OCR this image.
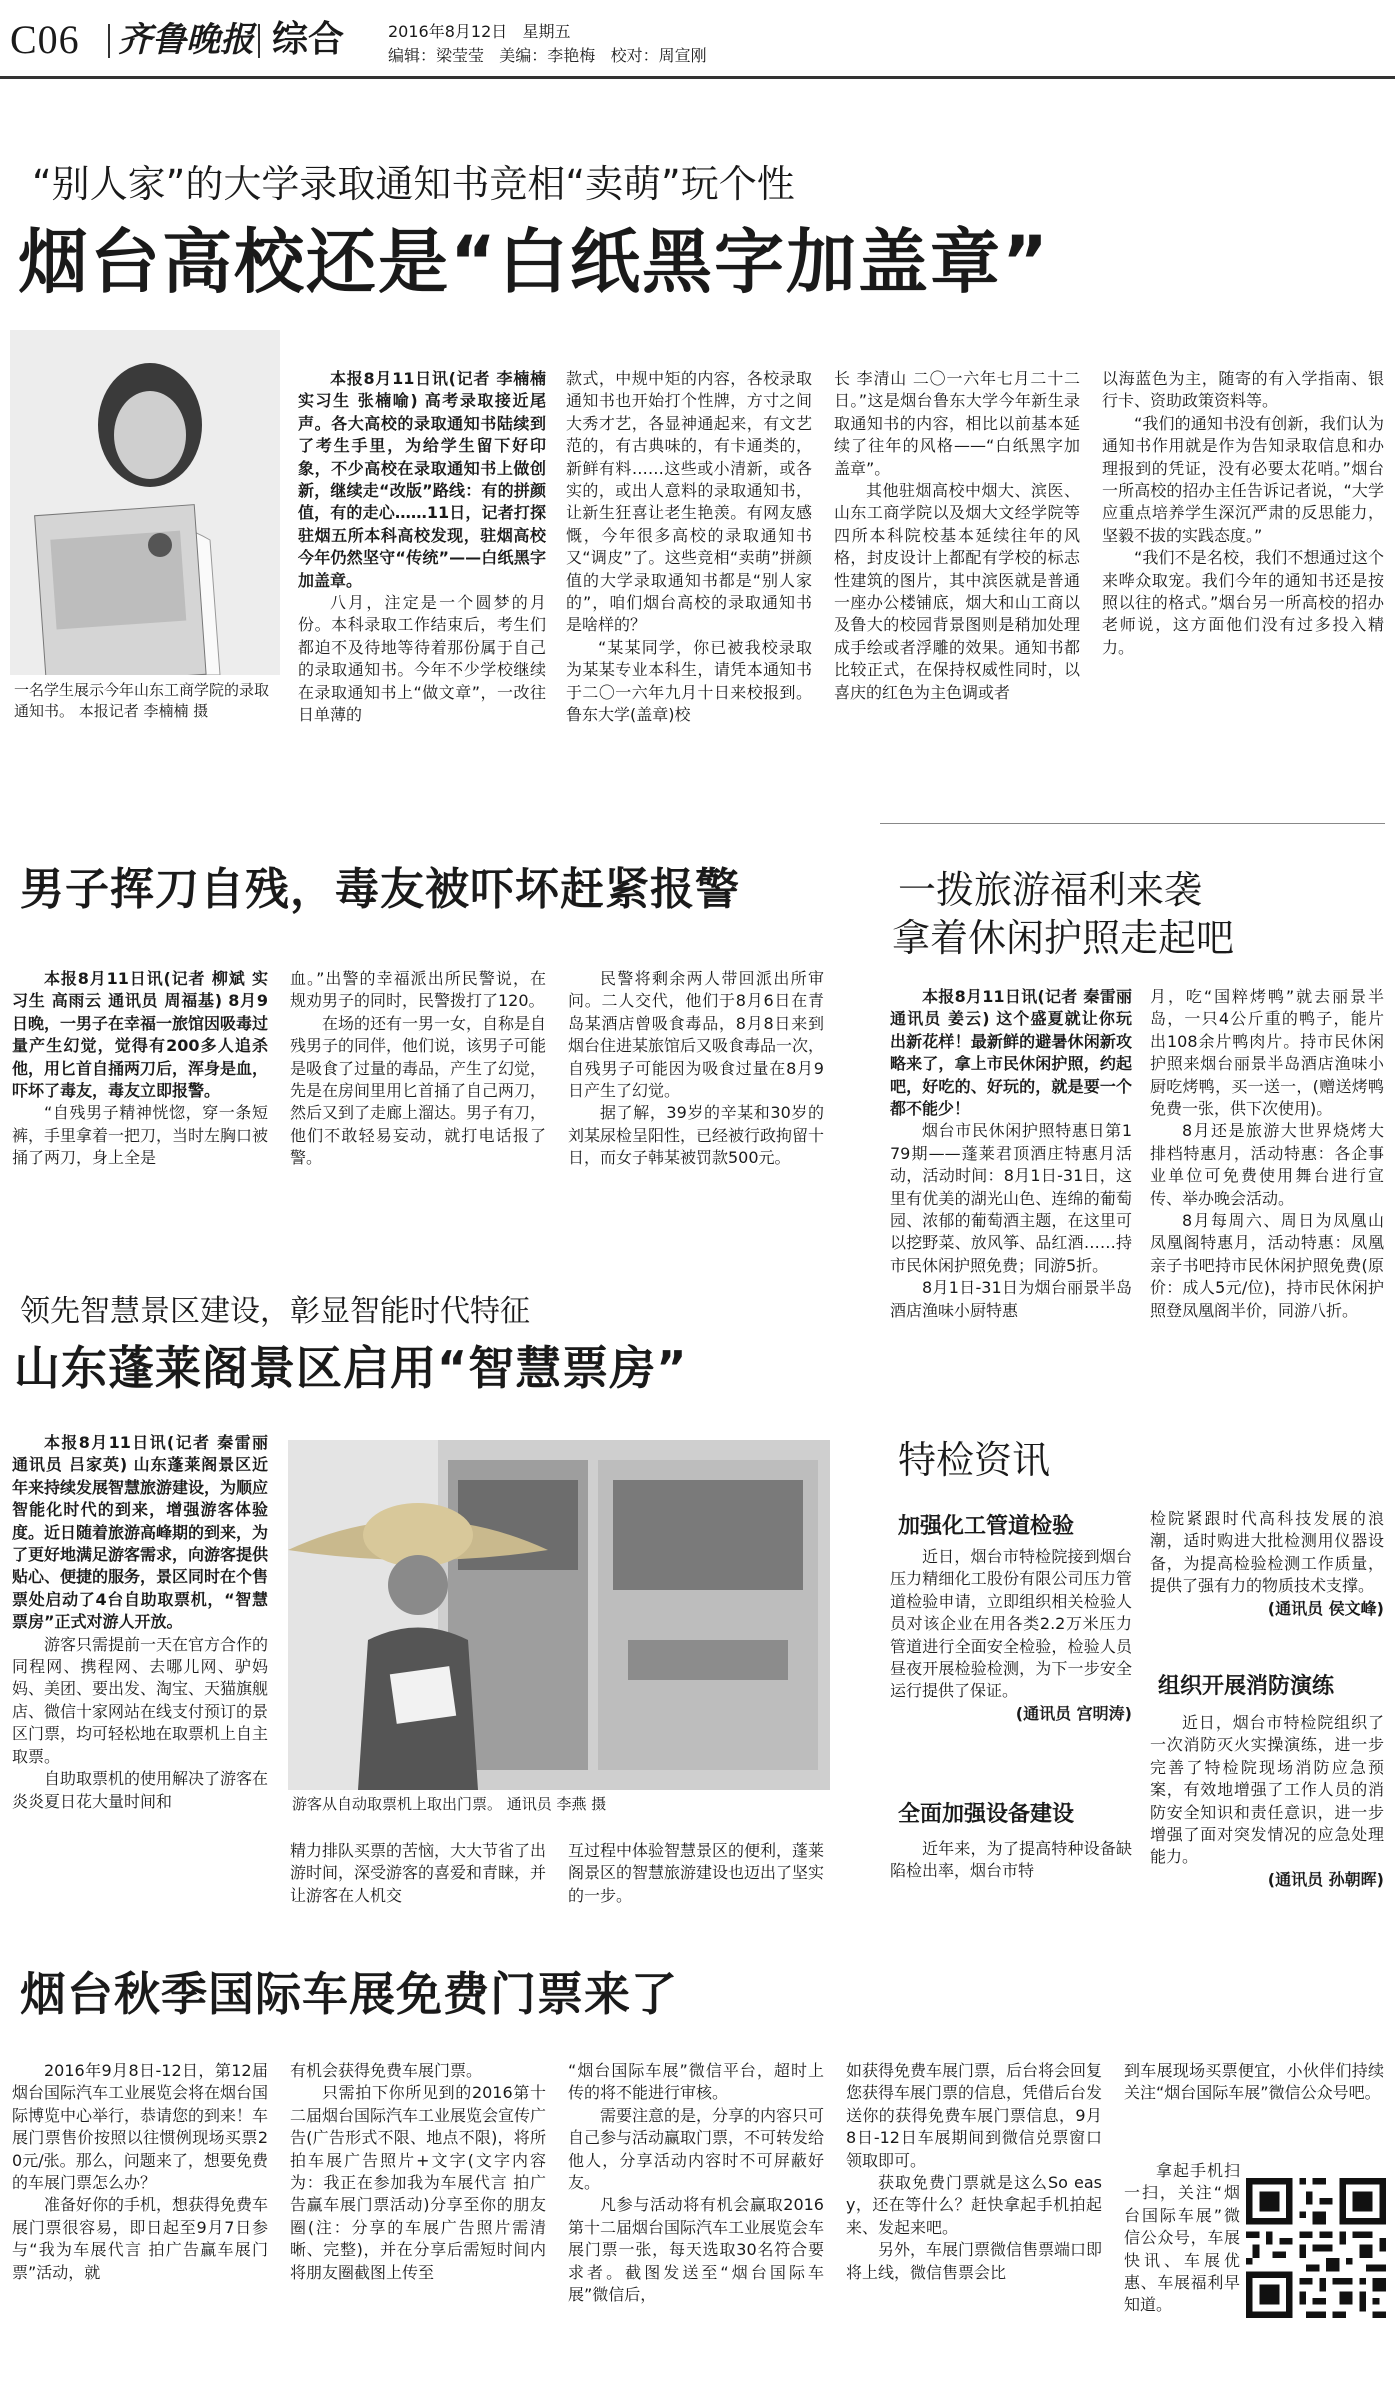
C06 齐鲁晚报 综合	2016年8月12日 星期五
编辑：梁莹莹 美编：李艳梅 校对：周宣刚
“别人家”的大学录取通知书竞相“卖萌”玩个性
烟台高校还是“白纸黑字加盖章”
一名学生展示今年山东工商学院的录取通知书。 本报记者 李楠楠 摄

本报8月11日讯(记者 李楠楠 实习生 张楠喻) 高考录取接近尾声。各大高校的录取通知书陆续到了考生手里，为给学生留下好印象，不少高校在录取通知书上做创新，继续走“改版”路线：有的拼颜值，有的走心……11日，记者打探驻烟五所本科高校发现，驻烟高校今年仍然坚守“传统”——白纸黑字加盖章。

八月，注定是一个圆梦的月份。本科录取工作结束后，考生们都迫不及待地等待着那份属于自己的录取通知书。今年不少学校继续在录取通知书上“做文章”，一改往日单薄的

款式，中规中矩的内容，各校录取通知书也开始打个性牌，方寸之间大秀才艺，各显神通起来，有文艺范的，有古典味的，有卡通类的，新鲜有料……这些或小清新，或各实的，或出人意料的录取通知书，让新生狂喜让老生艳羡。有网友感慨，今年很多高校的录取通知书又“调皮”了。这些竞相“卖萌”拼颜值的大学录取通知书都是“别人家的”，咱们烟台高校的录取通知书是啥样的？

“某某同学，你已被我校录取为某某专业本科生，请凭本通知书于二〇一六年九月十日来校报到。鲁东大学(盖章)校

长 李清山 二〇一六年七月二十二日。”这是烟台鲁东大学今年新生录取通知书的内容，相比以前基本延续了往年的风格——“白纸黑字加盖章”。

其他驻烟高校中烟大、滨医、山东工商学院以及烟大文经学院等四所本科院校基本延续往年的风格，封皮设计上都配有学校的标志性建筑的图片，其中滨医就是普通一座办公楼铺底，烟大和山工商以及鲁大的校园背景图则是稍加处理成手绘或者浮雕的效果。通知书都比较正式，在保持权威性同时，以喜庆的红色为主色调或者

以海蓝色为主，随寄的有入学指南、银行卡、资助政策资料等。

“我们的通知书没有创新，我们认为通知书作用就是作为告知录取信息和办理报到的凭证，没有必要太花哨。”烟台一所高校的招办主任告诉记者说，“大学应重点培养学生深沉严肃的反思能力，坚毅不拔的实践态度。”

“我们不是名校，我们不想通过这个来哗众取宠。我们今年的通知书还是按照以往的格式。”烟台另一所高校的招办老师说，这方面他们没有过多投入精力。

男子挥刀自残，毒友被吓坏赶紧报警

本报8月11日讯(记者 柳斌 实习生 高雨云 通讯员 周福基) 8月9日晚，一男子在幸福一旅馆因吸毒过量产生幻觉，觉得有200多人追杀他，用匕首自捅两刀后，浑身是血，吓坏了毒友，毒友立即报警。

“自残男子精神恍惚，穿一条短裤，手里拿着一把刀，当时左胸口被捅了两刀，身上全是

血。”出警的幸福派出所民警说，在规劝男子的同时，民警拨打了120。

在场的还有一男一女，自称是自残男子的同伴，他们说，该男子可能是吸食了过量的毒品，产生了幻觉，先是在房间里用匕首捅了自己两刀，然后又到了走廊上溜达。男子有刀，他们不敢轻易妄动，就打电话报了警。

民警将剩余两人带回派出所审问。二人交代，他们于8月6日在青岛某酒店曾吸食毒品，8月8日来到烟台住进某旅馆后又吸食毒品一次，自残男子可能因为吸食过量在8月9日产生了幻觉。

据了解，39岁的辛某和30岁的刘某尿检呈阳性，已经被行政拘留十日，而女子韩某被罚款500元。

领先智慧景区建设，彰显智能时代特征
山东蓬莱阁景区启用“智慧票房”

本报8月11日讯(记者 秦雷丽 通讯员 吕家英) 山东蓬莱阁景区近年来持续发展智慧旅游建设，为顺应智能化时代的到来，增强游客体验度。近日随着旅游高峰期的到来，为了更好地满足游客需求，向游客提供贴心、便捷的服务，景区同时在个售票处启动了4台自助取票机，“智慧票房”正式对游人开放。

游客只需提前一天在官方合作的同程网、携程网、去哪儿网、驴妈妈、美团、要出发、淘宝、天猫旗舰店、微信十家网站在线支付预订的景区门票，均可轻松地在取票机上自主取票。

自助取票机的使用解决了游客在炎炎夏日花大量时间和	游客从自动取票机上取出门票。 通讯员 李燕 摄

精力排队买票的苦恼，大大节省了出游时间，深受游客的喜爱和青睐，并让游客在人机交

互过程中体验智慧景区的便利，蓬莱阁景区的智慧旅游建设也迈出了坚实的一步。

一拨旅游福利来袭
拿着休闲护照走起吧

本报8月11日讯(记者 秦雷丽 通讯员 姜云) 这个盛夏就让你玩出新花样！最新鲜的避暑休闲新攻略来了，拿上市民休闲护照，约起吧，好吃的、好玩的，就是要一个都不能少！

烟台市民休闲护照特惠日第179期——蓬莱君顶酒庄特惠月活动，活动时间：8月1日-31日，这里有优美的湖光山色、连绵的葡萄园、浓郁的葡萄酒主题，在这里可以挖野菜、放风筝、品红酒……持市民休闲护照免费；同游5折。

8月1日-31日为烟台丽景半岛酒店渔味小厨特惠

月，吃“国粹烤鸭”就去丽景半岛，一只4公斤重的鸭子，能片出108余片鸭肉片。持市民休闲护照来烟台丽景半岛酒店渔味小厨吃烤鸭，买一送一，(赠送烤鸭免费一张，供下次使用)。

8月还是旅游大世界烧烤大排档特惠月，活动特惠：各企事业单位可免费使用舞台进行宣传、举办晚会活动。

8月每周六、周日为凤凰山凤凰阁特惠月，活动特惠：凤凰亲子书吧持市民休闲护照免费(原价：成人5元/位)，持市民休闲护照登凤凰阁半价，同游八折。

特检资讯
加强化工管道检验

近日，烟台市特检院接到烟台压力精细化工股份有限公司压力管道检验申请，立即组织相关检验人员对该企业在用各类2.2万米压力管道进行全面安全检验，检验人员昼夜开展检验检测，为下一步安全运行提供了保证。

(通讯员 宫明涛)

全面加强设备建设

近年来，为了提高特种设备缺陷检出率，烟台市特

检院紧跟时代高科技发展的浪潮，适时购进大批检测用仪器设备，为提高检验检测工作质量，提供了强有力的物质技术支撑。

(通讯员 侯文峰)

组织开展消防演练

近日，烟台市特检院组织了一次消防灭火实操演练，进一步完善了特检院现场消防应急预案，有效地增强了工作人员的消防安全知识和责任意识，进一步增强了面对突发情况的应急处理能力。

(通讯员 孙朝晖)

烟台秋季国际车展免费门票来了

2016年9月8日-12日，第12届烟台国际汽车工业展览会将在烟台国际博览中心举行，恭请您的到来！车展门票售价按照以往惯例现场买票20元/张。那么，问题来了，想要免费的车展门票怎么办？

准备好你的手机，想获得免费车展门票很容易，即日起至9月7日参与“我为车展代言 拍广告赢车展门票”活动，就

有机会获得免费车展门票。

只需拍下你所见到的2016第十二届烟台国际汽车工业展览会宣传广告(广告形式不限、地点不限)，将所拍车展广告照片+文字(文字内容为：我正在参加我为车展代言 拍广告赢车展门票活动)分享至你的朋友圈(注：分享的车展广告照片需清晰、完整)，并在分享后需短时间内将朋友圈截图上传至

“烟台国际车展”微信平台，超时上传的将不能进行审核。

需要注意的是，分享的内容只可自己参与活动赢取门票，不可转发给他人，分享活动内容时不可屏蔽好友。

凡参与活动将有机会赢取2016第十二届烟台国际汽车工业展览会车展门票一张，每天选取30名符合要求者。截图发送至“烟台国际车展”微信后，

如获得免费车展门票，后台将会回复您获得车展门票的信息，凭借后台发送你的获得免费车展门票信息，9月8日-12日车展期间到微信兑票窗口领取即可。

获取免费门票就是这么So easy，还在等什么？赶快拿起手机拍起来、发起来吧。

另外，车展门票微信售票端口即将上线，微信售票会比

到车展现场买票便宜，小伙伴们持续关注“烟台国际车展”微信公众号吧。

拿起手机扫一扫，关注“烟台国际车展”微信公众号，车展快讯、车展优惠、车展福利早知道。
